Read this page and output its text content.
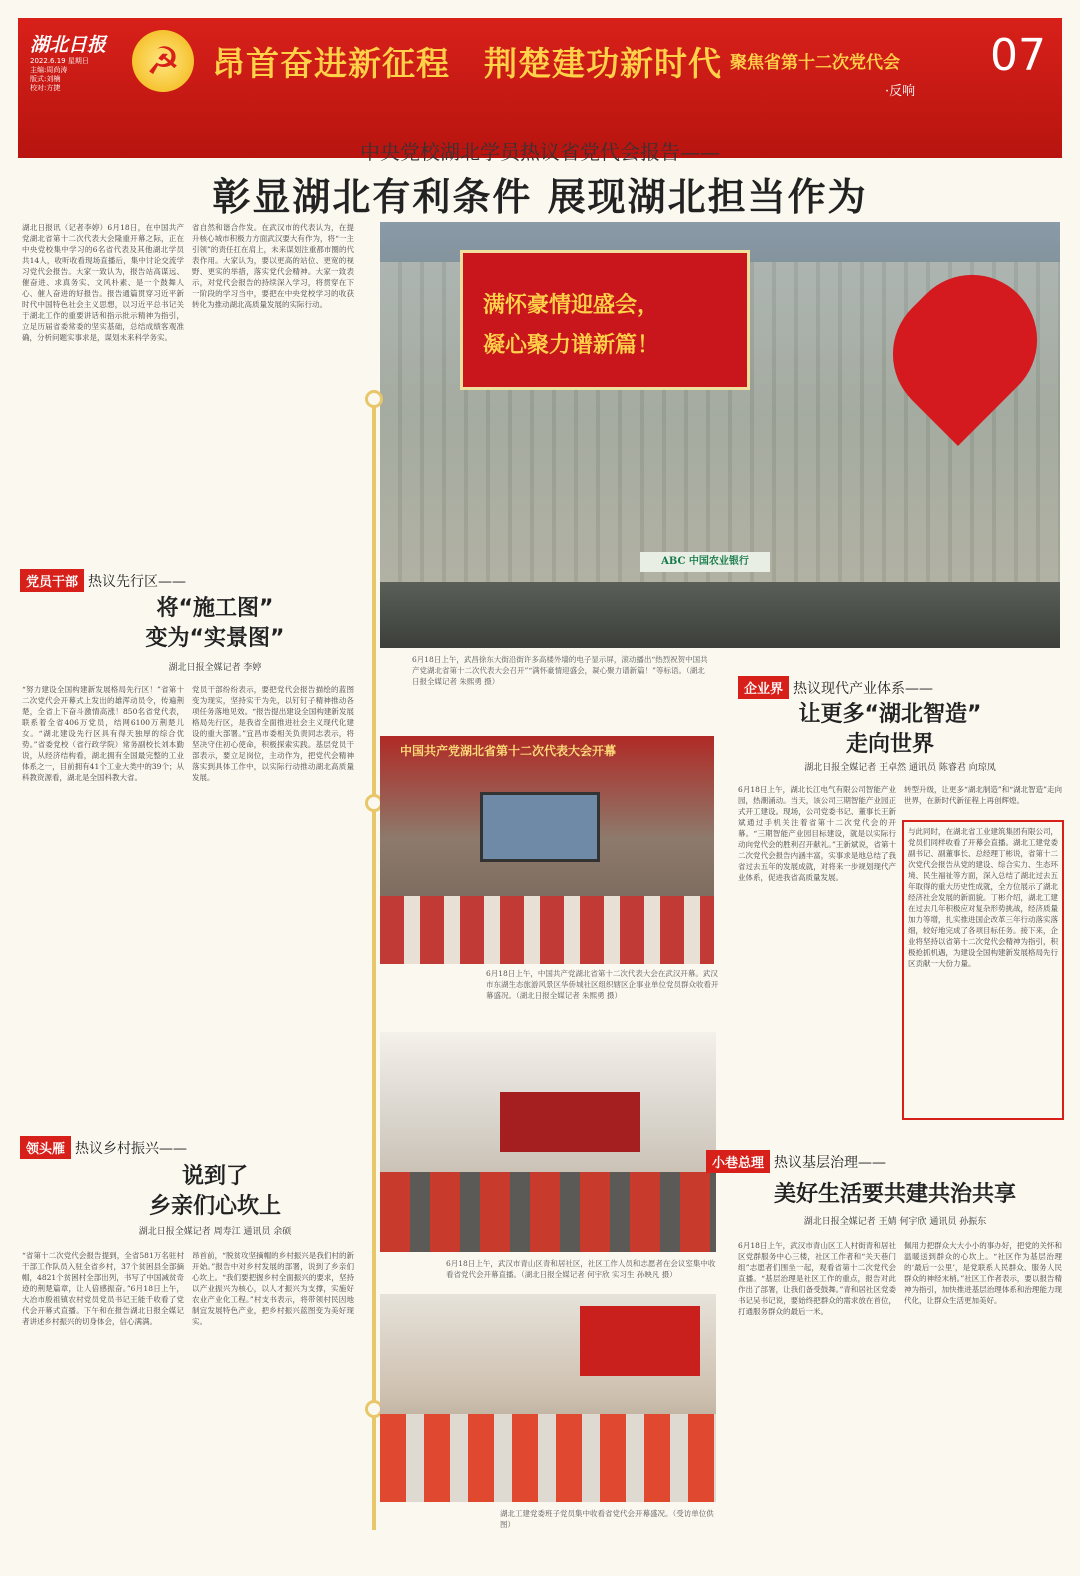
湖北日报
2022.6.19 星期日
主编:周尚涛
版式:刘楠
校对:方捷
☭ 昂首奋进新征程　荆楚建功新时代 聚焦省第十二次党代会
·反响
07
中央党校湖北学员热议省党代会报告——
彰显湖北有利条件 展现湖北担当作为
湖北日报讯（记者李婷）6月18日，在中国共产党湖北省第十二次代表大会隆重开幕之际，正在中央党校集中学习的6名省代表及其他湖北学员共14人，收听收看现场直播后，集中讨论交流学习党代会报告。大家一致认为，报告站高谋远、催奋进、求真务实、文风朴素、是一个鼓舞人心、催人奋进的好报告。报告通篇贯穿习近平新时代中国特色社会主义思想，以习近平总书记关于湖北工作的重要讲话和指示批示精神为指引，立足历届省委常委的坚实基础，总结成绩客观准确，分析问题实事求是，谋划未来科学务实。
省自然和谐合作发。在武汉市的代表认为，在提升核心城市积极力方面武汉要大有作为，将“一主引领”的责任扛在肩上，未来谋划注重都市圈的代表作用。大家认为，要以更高的站位、更宽的视野、更实的举措，落实党代会精神。大家一致表示，对党代会报告的持续深入学习，将贯穿在下一阶段的学习当中，要把在中央党校学习的收获转化为推动湖北高质量发展的实际行动。	满怀豪情迎盛会，
凝心聚力谱新篇！
ABC 中国农业银行
6月18日上午，武昌徐东大街沿街许多高楼外墙的电子显示屏，滚动播出“热烈祝贺中国共产党湖北省第十二次代表大会召开”“满怀豪情迎盛会，凝心聚力谱新篇！”等标语。（湖北日报全媒记者 朱熙勇 摄）
党员干部 热议先行区——
将“施工图”
变为“实景图”
湖北日报全媒记者 李婷
“努力建设全国构建新发展格局先行区！”省第十二次党代会开幕式上发出的雄浑动员令，传遍荆楚，全省上下奋斗激情高涨！850名省党代表，联系着全省406万党员，结网6100万荆楚儿女。“湖北建设先行区具有得天独厚的综合优势。”省委党校（省行政学院）常务副校长刘本勤说，从经济结构看，湖北拥有全国最完整的工业体系之一，目前拥有41个工业大类中的39个；从科教资源看，湖北是全国科教大省。
党员干部纷纷表示，要把党代会报告描绘的蓝图变为现实，坚持实干为先，以钉钉子精神推动各项任务落地见效。“报告提出建设全国构建新发展格局先行区，是我省全面推进社会主义现代化建设的重大部署。”宜昌市委相关负责同志表示，将坚决守住初心使命，积极探索实践。基层党员干部表示，要立足岗位，主动作为，把党代会精神落实到具体工作中，以实际行动推动湖北高质量发展。
中国共产党湖北省第十二次代表大会开幕
6月18日上午，中国共产党湖北省第十二次代表大会在武汉开幕。武汉市东湖生态旅游风景区华侨城社区组织辖区企事业单位党员群众收看开幕盛况。（湖北日报全媒记者 朱熙勇 摄）
企业界 热议现代产业体系——
让更多“湖北智造”
走向世界
湖北日报全媒记者 王卓然 通讯员 陈睿君 向琼凤
6月18日上午，湖北长江电气有限公司智能产业园，热潮涌动。当天，该公司三期智能产业园正式开工建设。现场，公司党委书记、董事长王新斌通过手机关注着省第十二次党代会的开幕。“三期智能产业园目标建设，就是以实际行动向党代会的胜利召开献礼。”王新斌说，省第十二次党代会报告内涵丰富，实事求是地总结了我省过去五年的发展成就，对将来一步规划现代产业体系，促进我省高质量发展。
转型升级，让更多“湖北制造”和“湖北智造”走向世界，在新时代新征程上再创辉煌。
与此同时，在湖北省工业建筑集团有限公司，党员们同样收看了开幕会直播。湖北工建党委副书记、副董事长、总经理丁彬说，省第十二次党代会报告从党的建设、综合实力、生态环境、民生福祉等方面，深入总结了湖北过去五年取得的重大历史性成就，全方位展示了湖北经济社会发展的新面貌。丁彬介绍，湖北工建在过去几年积极应对复杂形势挑战，经济质量加力等增，扎实推进国企改革三年行动落实落细，较好地完成了各项目标任务。接下来，企业将坚持以省第十二次党代会精神为指引，积极抢抓机遇，为建设全国构建新发展格局先行区贡献一大份力量。
6月18日上午，武汉市青山区青和居社区，社区工作人员和志愿者在会议室集中收看省党代会开幕直播。（湖北日报全媒记者 何宇欣 实习生 孙映凡 摄）
领头雁 热议乡村振兴——
说到了
乡亲们心坎上
湖北日报全媒记者 周寿江 通讯员 余硕
“省第十二次党代会报告提到，全省581万名驻村干部工作队员入驻全省乡村，37个贫困县全部摘帽，4821个贫困村全部出列，书写了中国减贫奇迹的荆楚篇章，让人倍感振奋。”6月18日上午，大冶市殷祖镇农村党员党员书记王能千收看了党代会开幕式直播。下午和在报告湖北日报全媒记者讲述乡村振兴的切身体会，信心满满。
昂首前，“脱贫攻坚摘帽的乡村振兴是我们村的新开始。”报告中对乡村发展的部署，说到了乡亲们心坎上。“我们要把握乡村全面振兴的要求，坚持以产业振兴为核心，以人才振兴为支撑，实施好农业产业化工程。”村支书表示，将带领村民因地制宜发展特色产业，把乡村振兴蓝图变为美好现实。
小巷总理 热议基层治理——
美好生活要共建共治共享
湖北日报全媒记者 王婧 何宇欣 通讯员 孙振东
6月18日上午，武汉市青山区工人村街青和居社区党群服务中心三楼，社区工作者和“关天巷门组”志愿者们围坐一起，观看省第十二次党代会直播。“基层治理是社区工作的重点，报告对此作出了部署，让我们备受鼓舞。”青和居社区党委书记吴书记说，要始终把群众的需求放在首位，打通服务群众的最后一米。
佩用力把群众大大小小的事办好，把党的关怀和温暖送到群众的心坎上。“社区作为基层治理的‘最后一公里’，是党联系人民群众、服务人民群众的神经末梢。”社区工作者表示，要以报告精神为指引，加快推进基层治理体系和治理能力现代化，让群众生活更加美好。
湖北工建党委班子党员集中收看省党代会开幕盛况。（受访单位供图）
